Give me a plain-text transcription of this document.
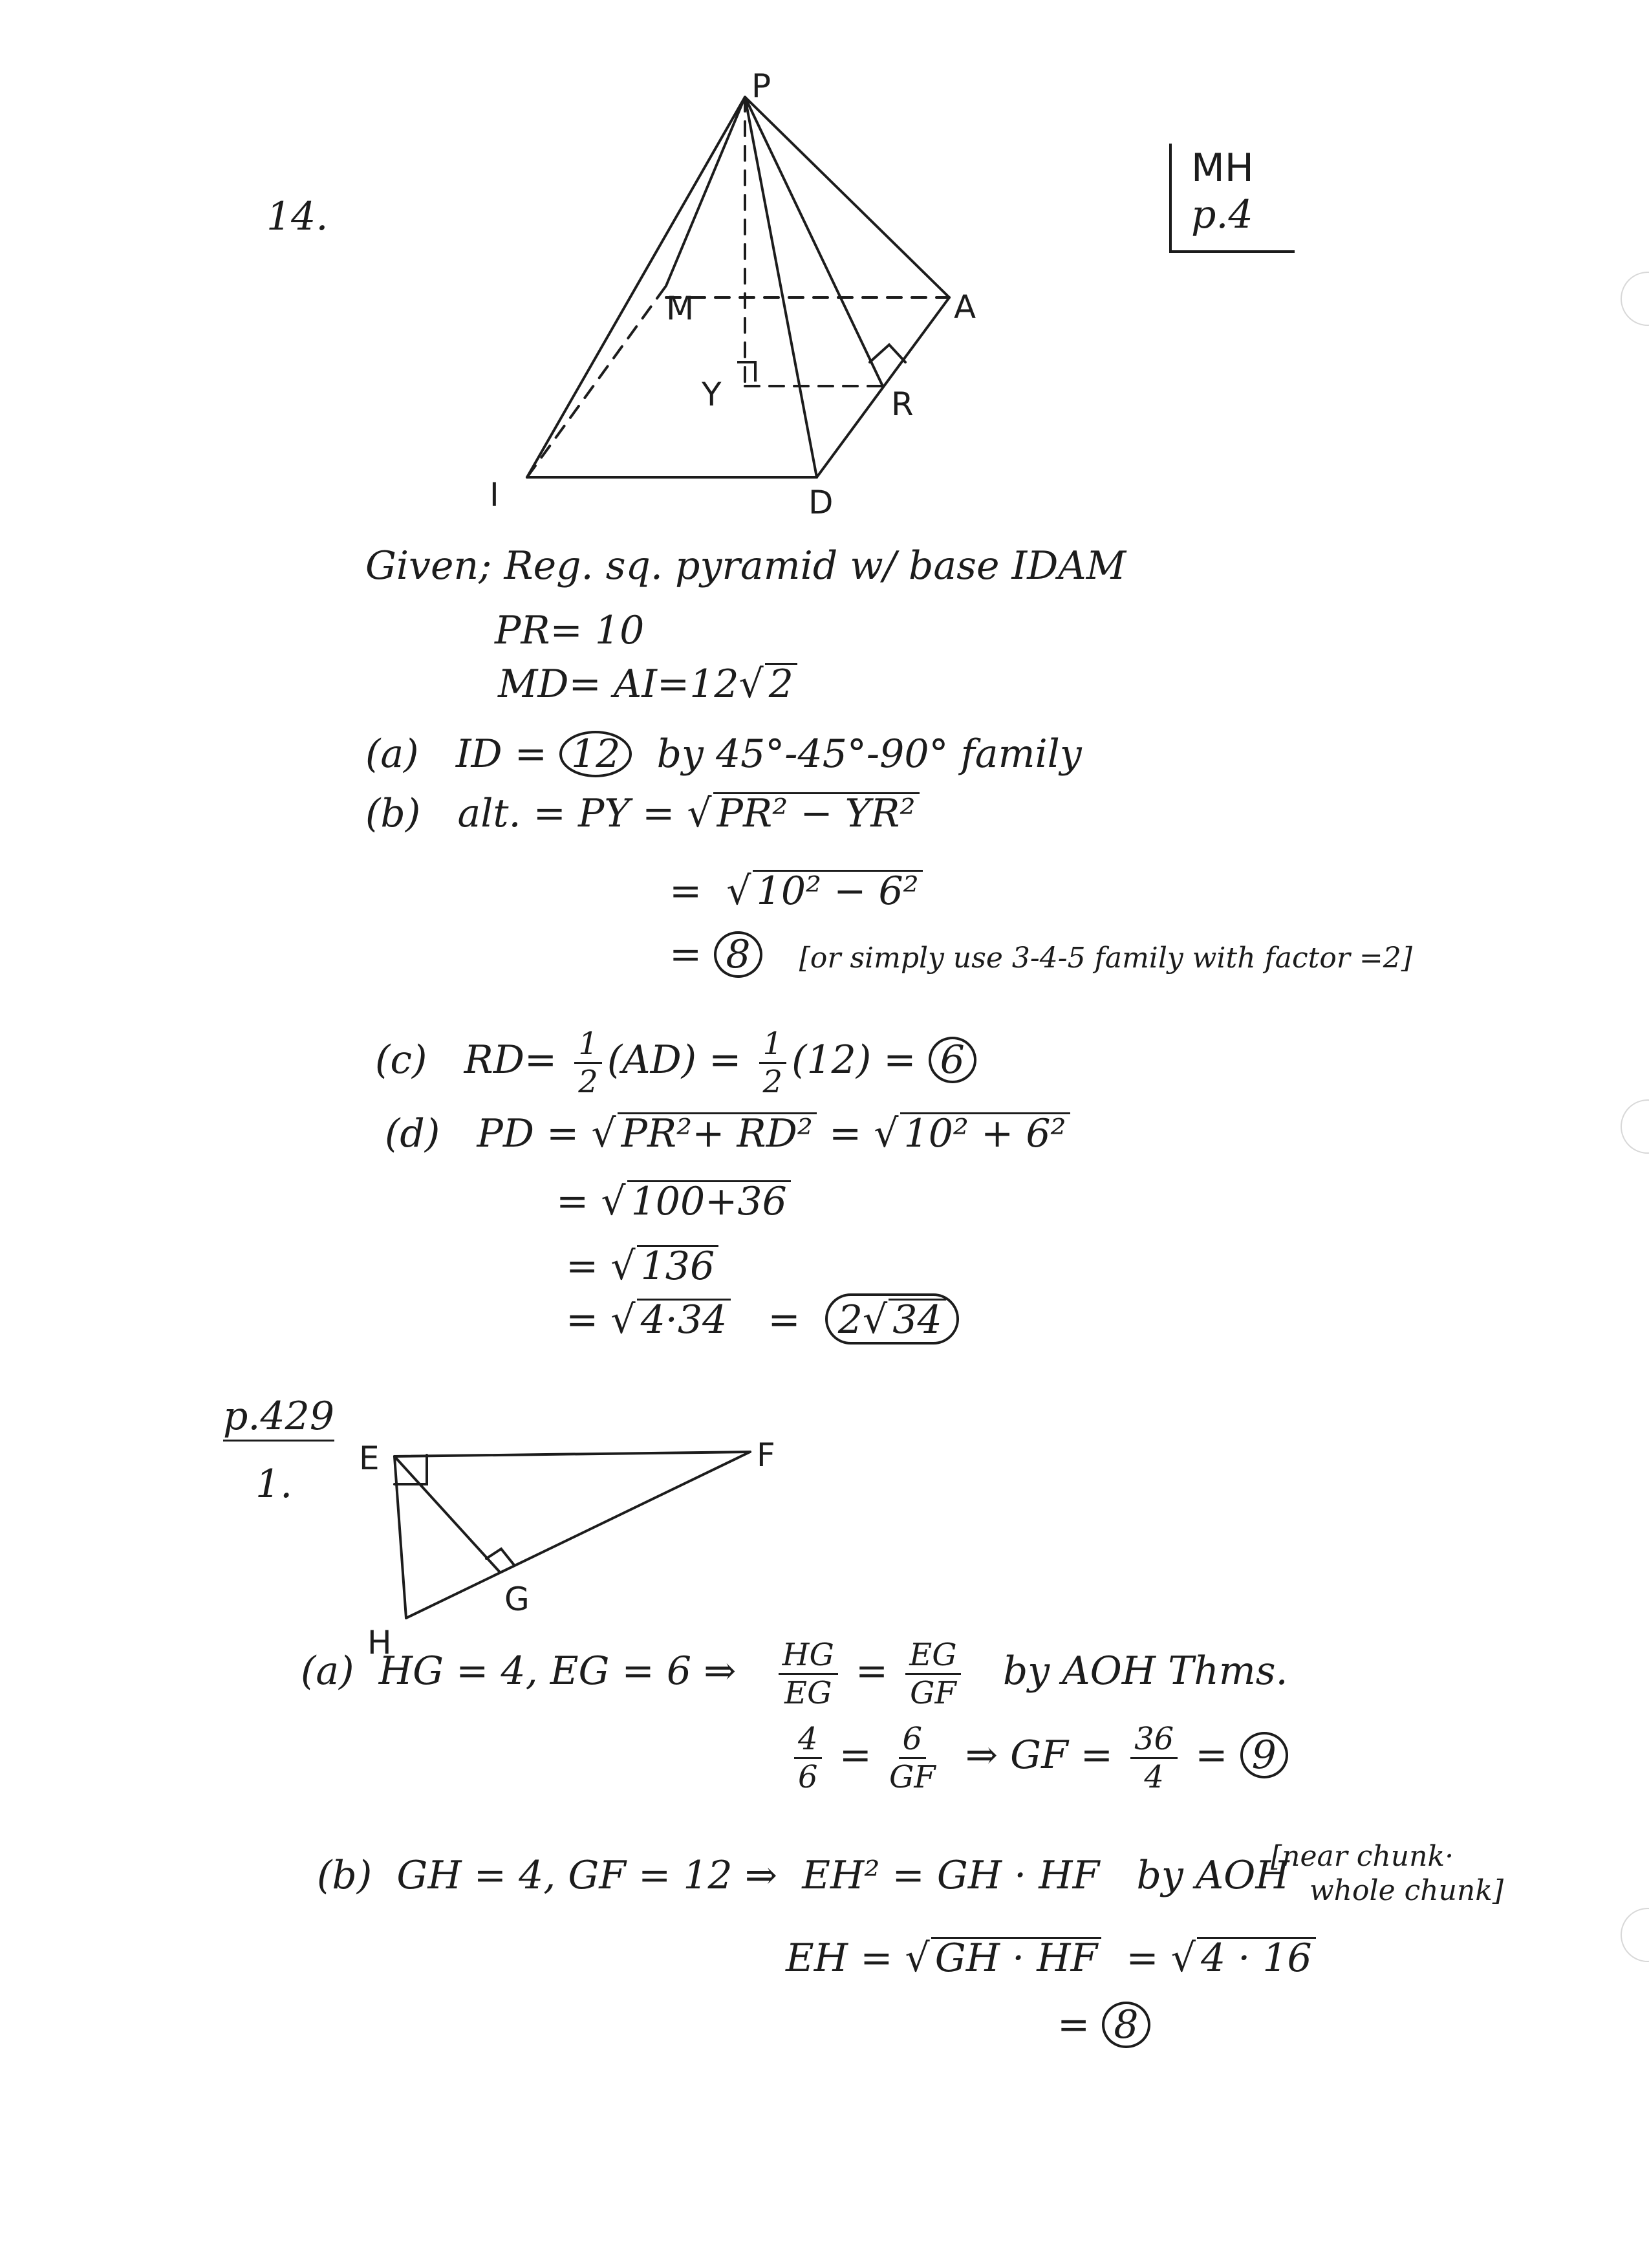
14.
MH
p.4
P
M	A
Y	R
I	D
Given; Reg. sq. pyramid w/ base IDAM
PR= 10
MD= AI=12√ 2
(a) ID = 12 by 45°-45°-90° family
(b) alt. = PY = √ PR² − YR²
=  √ 10² − 6²
= 8 [or simply use 3-4-5 family with factor =2]
(c) $RD= \frac{1}{2} (AD) = \frac{1}{2} (12) = 6$
(d) PD = √ PR²+ RD² = √ 10² + 6²
= √ 100+36
= √ 136
= √ 4·34 = 2√ 34
p.429
1.
E	F
G
H
(a) HG = 4, EG = 6 ⇒ $\frac{HG}{EG} = \frac{EG}{GF}$ by AOH Thms.
$\frac{4}{6} = \frac{6}{GF}$ ⇒ GF = $\frac{36}{4} = 9$
(b) GH = 4, GF = 12 ⇒ EH² = GH · HF by AOH
[near chunk·
whole chunk]
EH = √ GH · HF = √ 4 · 16
= 8
